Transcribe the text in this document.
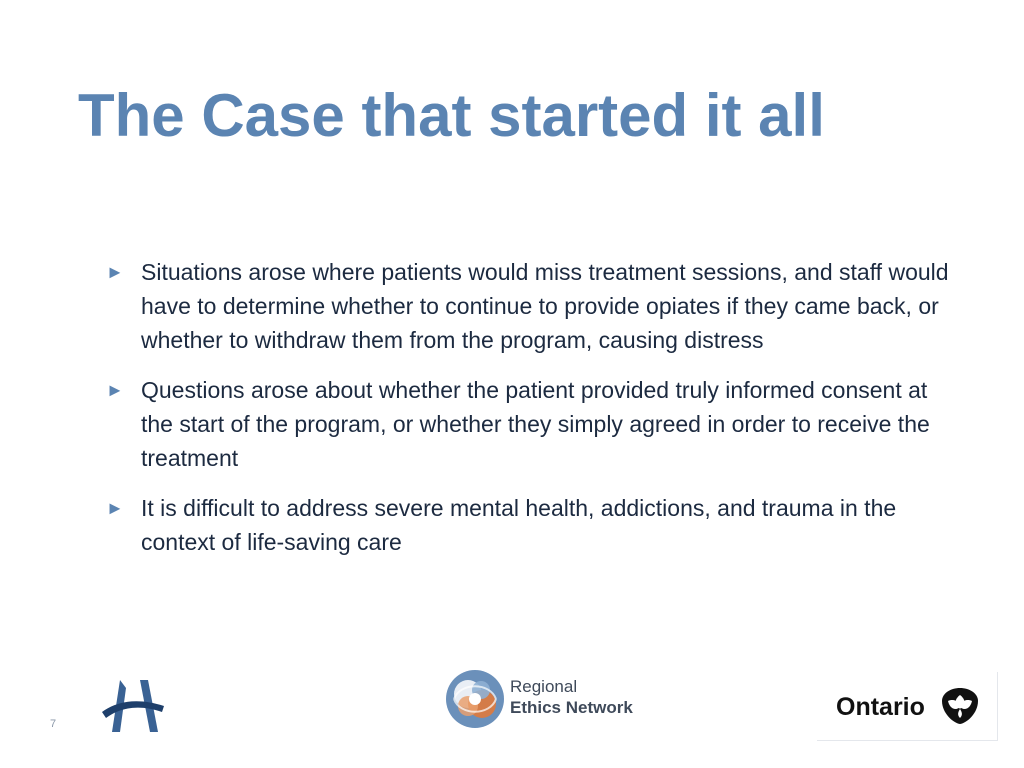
The Case that started it all
► Situations arose where patients would miss treatment sessions, and staff would have to determine whether to continue to provide opiates if they came back, or whether to withdraw them from the program, causing distress
► Questions arose about whether the patient provided truly informed consent at the start of the program, or whether they simply agreed in order to receive the treatment
► It is difficult to address severe mental health, addictions, and trauma in the context of life-saving care
7
Regional
Ethics Network	Ontario
